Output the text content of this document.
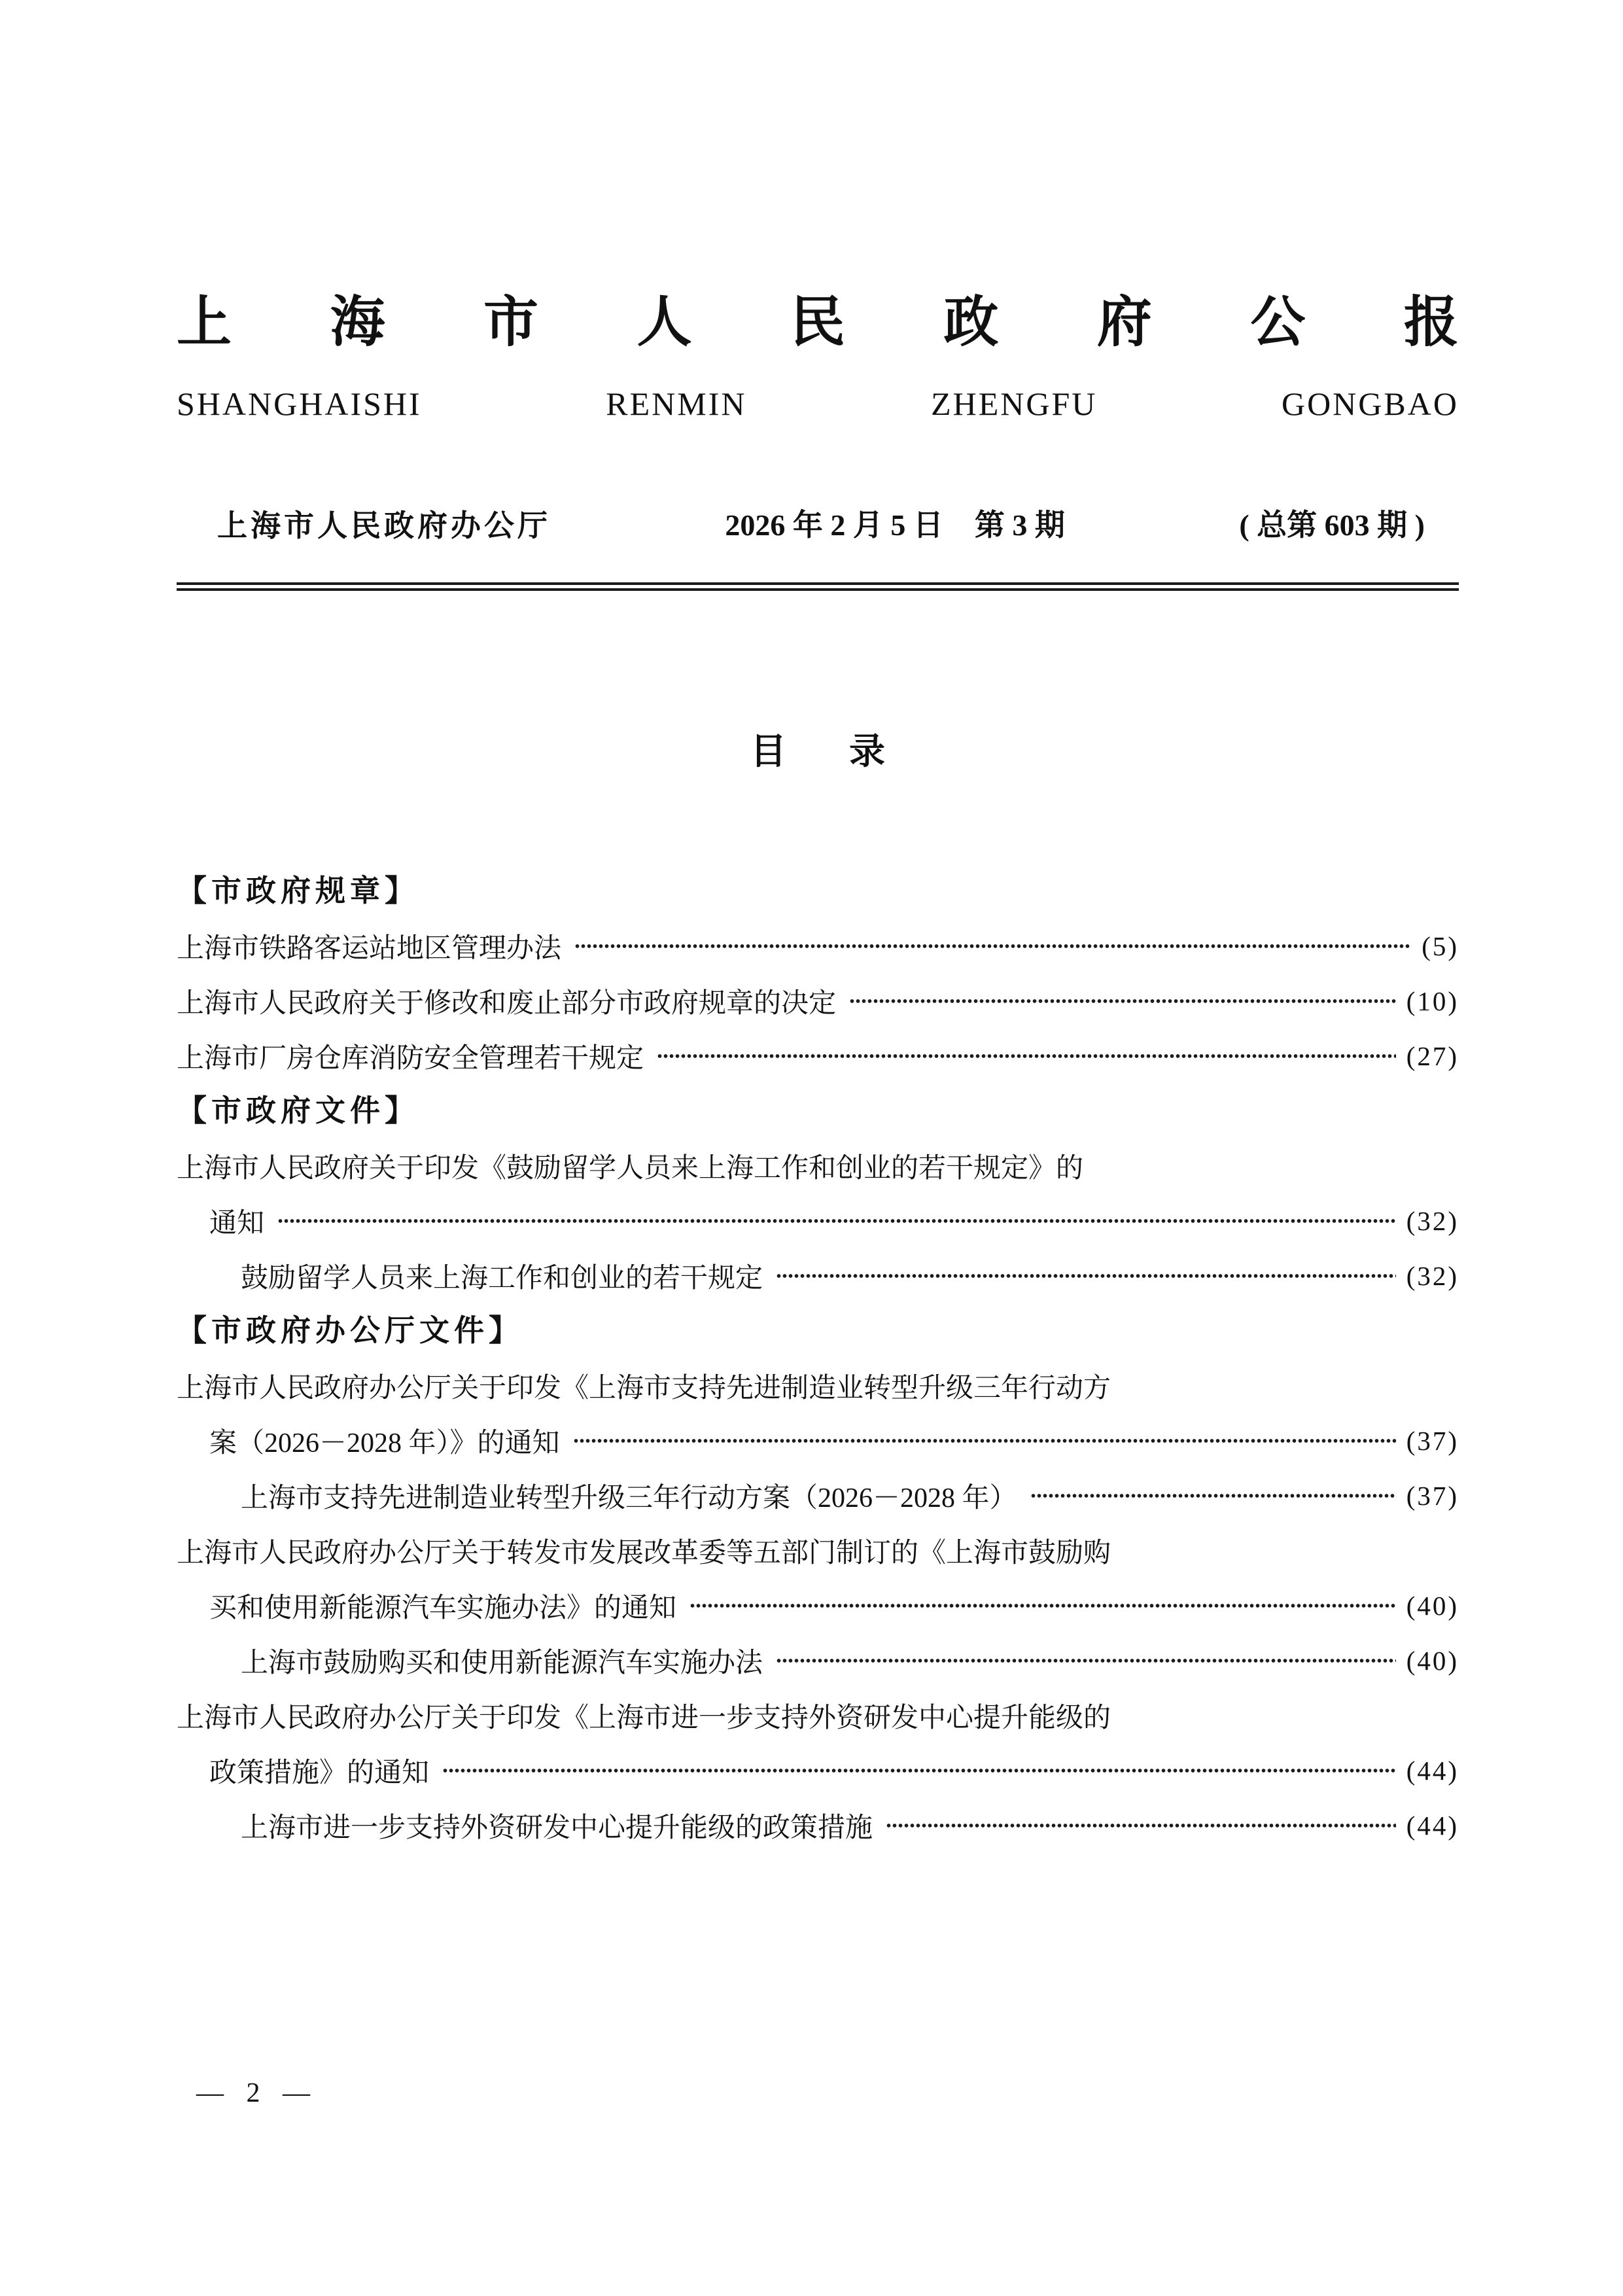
上 海 市 人 民 政 府 公 报
SHANGHAISHI	RENMIN	ZHENGFU	GONGBAO
上海市人民政府办公厅	2026 年 2 月 5 日 第 3 期	( 总第 603 期 )
目 录
【市政府规章】
上海市铁路客运站地区管理办法	(5)
上海市人民政府关于修改和废止部分市政府规章的决定	(10)
上海市厂房仓库消防安全管理若干规定	(27)
【市政府文件】
上海市人民政府关于印发《鼓励留学人员来上海工作和创业的若干规定》的
通知	(32)
鼓励留学人员来上海工作和创业的若干规定	(32)
【市政府办公厅文件】
上海市人民政府办公厅关于印发《上海市支持先进制造业转型升级三年行动方
案（2026－2028 年）》的通知	(37)
上海市支持先进制造业转型升级三年行动方案（2026－2028 年）	(37)
上海市人民政府办公厅关于转发市发展改革委等五部门制订的《上海市鼓励购
买和使用新能源汽车实施办法》的通知	(40)
上海市鼓励购买和使用新能源汽车实施办法	(40)
上海市人民政府办公厅关于印发《上海市进一步支持外资研发中心提升能级的
政策措施》的通知	(44)
上海市进一步支持外资研发中心提升能级的政策措施	(44)
— 2 —
